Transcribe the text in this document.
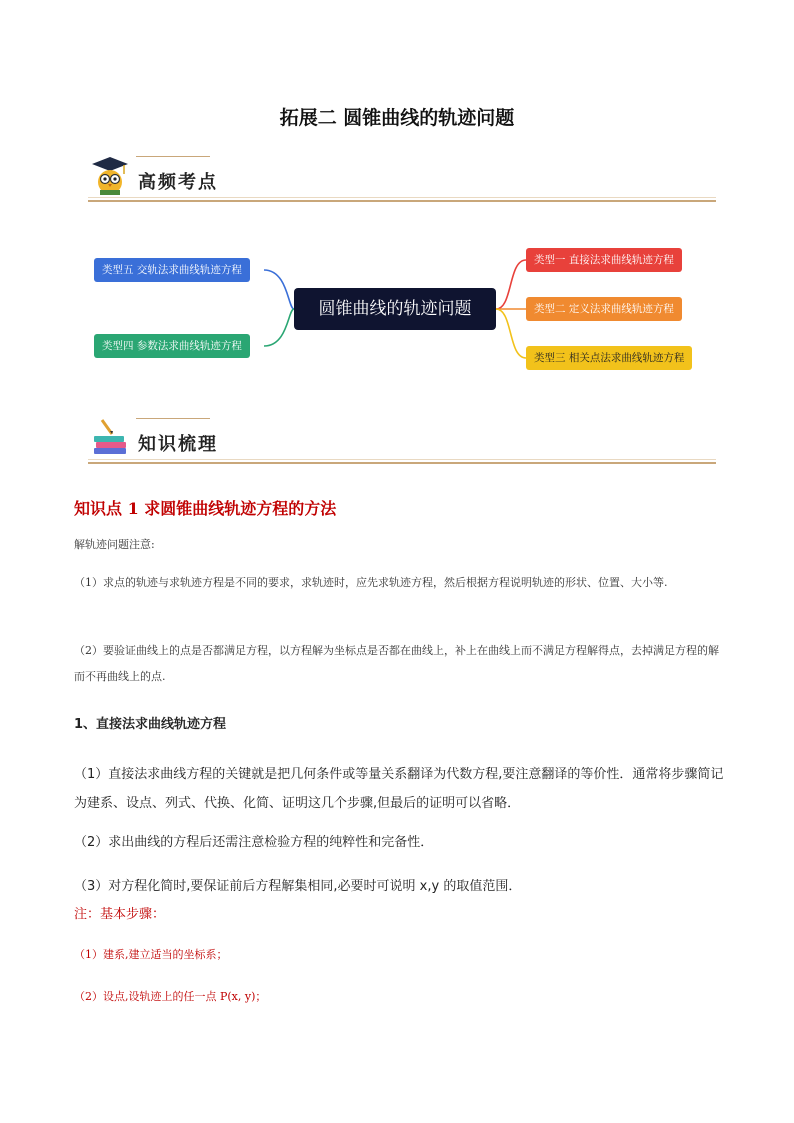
拓展二 圆锥曲线的轨迹问题
高频考点
类型五 交轨法求曲线轨迹方程
类型四 参数法求曲线轨迹方程
圆锥曲线的轨迹问题
类型一 直接法求曲线轨迹方程
类型二 定义法求曲线轨迹方程
类型三 相关点法求曲线轨迹方程
知识梳理
知识点 1 求圆锥曲线轨迹方程的方法
解轨迹问题注意:
（1）求点的轨迹与求轨迹方程是不同的要求，求轨迹时，应先求轨迹方程，然后根据方程说明轨迹的形状、位置、大小等.
（2）要验证曲线上的点是否都满足方程，以方程解为坐标点是否都在曲线上，补上在曲线上而不满足方程解得点，去掉满足方程的解而不再曲线上的点.
1、直接法求曲线轨迹方程
（1）直接法求曲线方程的关键就是把几何条件或等量关系翻译为代数方程,要注意翻译的等价性．通常将步骤简记为建系、设点、列式、代换、化简、证明这几个步骤,但最后的证明可以省略．
（2）求出曲线的方程后还需注意检验方程的纯粹性和完备性．
（3）对方程化简时,要保证前后方程解集相同,必要时可说明 x,y 的取值范围．
注：基本步骤：
（1）建系,建立适当的坐标系；
（2）设点,设轨迹上的任一点 P(x, y)；
